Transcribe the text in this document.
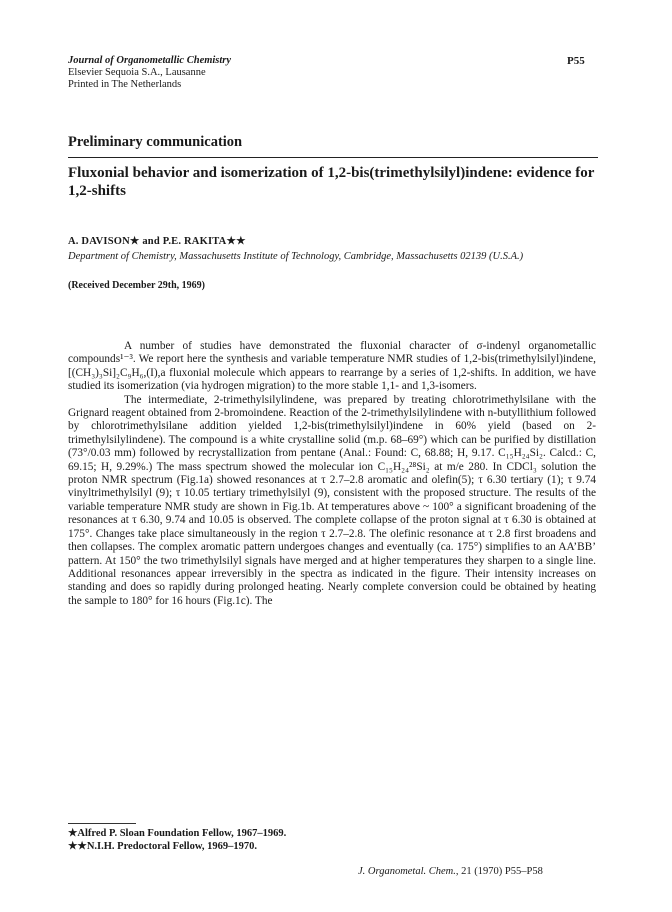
Journal of Organometallic Chemistry
Elsevier Sequoia S.A., Lausanne
Printed in The Netherlands
P55
Preliminary communication
Fluxonial behavior and isomerization of 1,2-bis(trimethylsilyl)indene: evidence for 1,2-shifts
A. DAVISON★ and P.E. RAKITA★★
Department of Chemistry, Massachusetts Institute of Technology, Cambridge, Massachusetts 02139 (U.S.A.)
(Received December 29th, 1969)

A number of studies have demonstrated the fluxonial character of σ-indenyl organometallic compounds¹⁻³. We report here the synthesis and variable temperature NMR studies of 1,2-bis(trimethylsilyl)indene, [(CH₃)₃Si]₂C₉H₆,(I),a fluxonial molecule which appears to rearrange by a series of 1,2-shifts. In addition, we have studied its isomerization (via hydrogen migration) to the more stable 1,1- and 1,3-isomers.

The intermediate, 2-trimethylsilylindene, was prepared by treating chlorotrimethylsilane with the Grignard reagent obtained from 2-bromoindene. Reaction of the 2-trimethylsilylindene with n-butyllithium followed by chlorotrimethylsilane addition yielded 1,2-bis(trimethylsilyl)indene in 60% yield (based on 2-trimethylsilylindene). The compound is a white crystalline solid (m.p. 68–69°) which can be purified by distillation (73°/0.03 mm) followed by recrystallization from pentane (Anal.: Found: C, 68.88; H, 9.17. C₁₅H₂₄Si₂. Calcd.: C, 69.15; H, 9.29%.) The mass spectrum showed the molecular ion C₁₅H₂₄²⁸Si₂ at m/e 280. In CDCl₃ solution the proton NMR spectrum (Fig.1a) showed resonances at τ 2.7–2.8 aromatic and olefin(5); τ 6.30 tertiary (1); τ 9.74 vinyltrimethylsilyl (9); τ 10.05 tertiary trimethylsilyl (9), consistent with the proposed structure. The results of the variable temperature NMR study are shown in Fig.1b. At temperatures above ~ 100° a significant broadening of the resonances at τ 6.30, 9.74 and 10.05 is observed. The complete collapse of the proton signal at τ 6.30 is obtained at 175°. Changes take place simultaneously in the region τ 2.7–2.8. The olefinic resonance at τ 2.8 first broadens and then collapses. The complex aromatic pattern undergoes changes and eventually (ca. 175°) simplifies to an AA’BB’ pattern. At 150° the two trimethylsilyl signals have merged and at higher temperatures they sharpen to a single line. Additional resonances appear irreversibly in the spectra as indicated in the figure. Their intensity increases on standing and does so rapidly during prolonged heating. Nearly complete conversion could be obtained by heating the sample to 180° for 16 hours (Fig.1c). The

★Alfred P. Sloan Foundation Fellow, 1967–1969.
★★N.I.H. Predoctoral Fellow, 1969–1970.
J. Organometal. Chem., 21 (1970) P55–P58
